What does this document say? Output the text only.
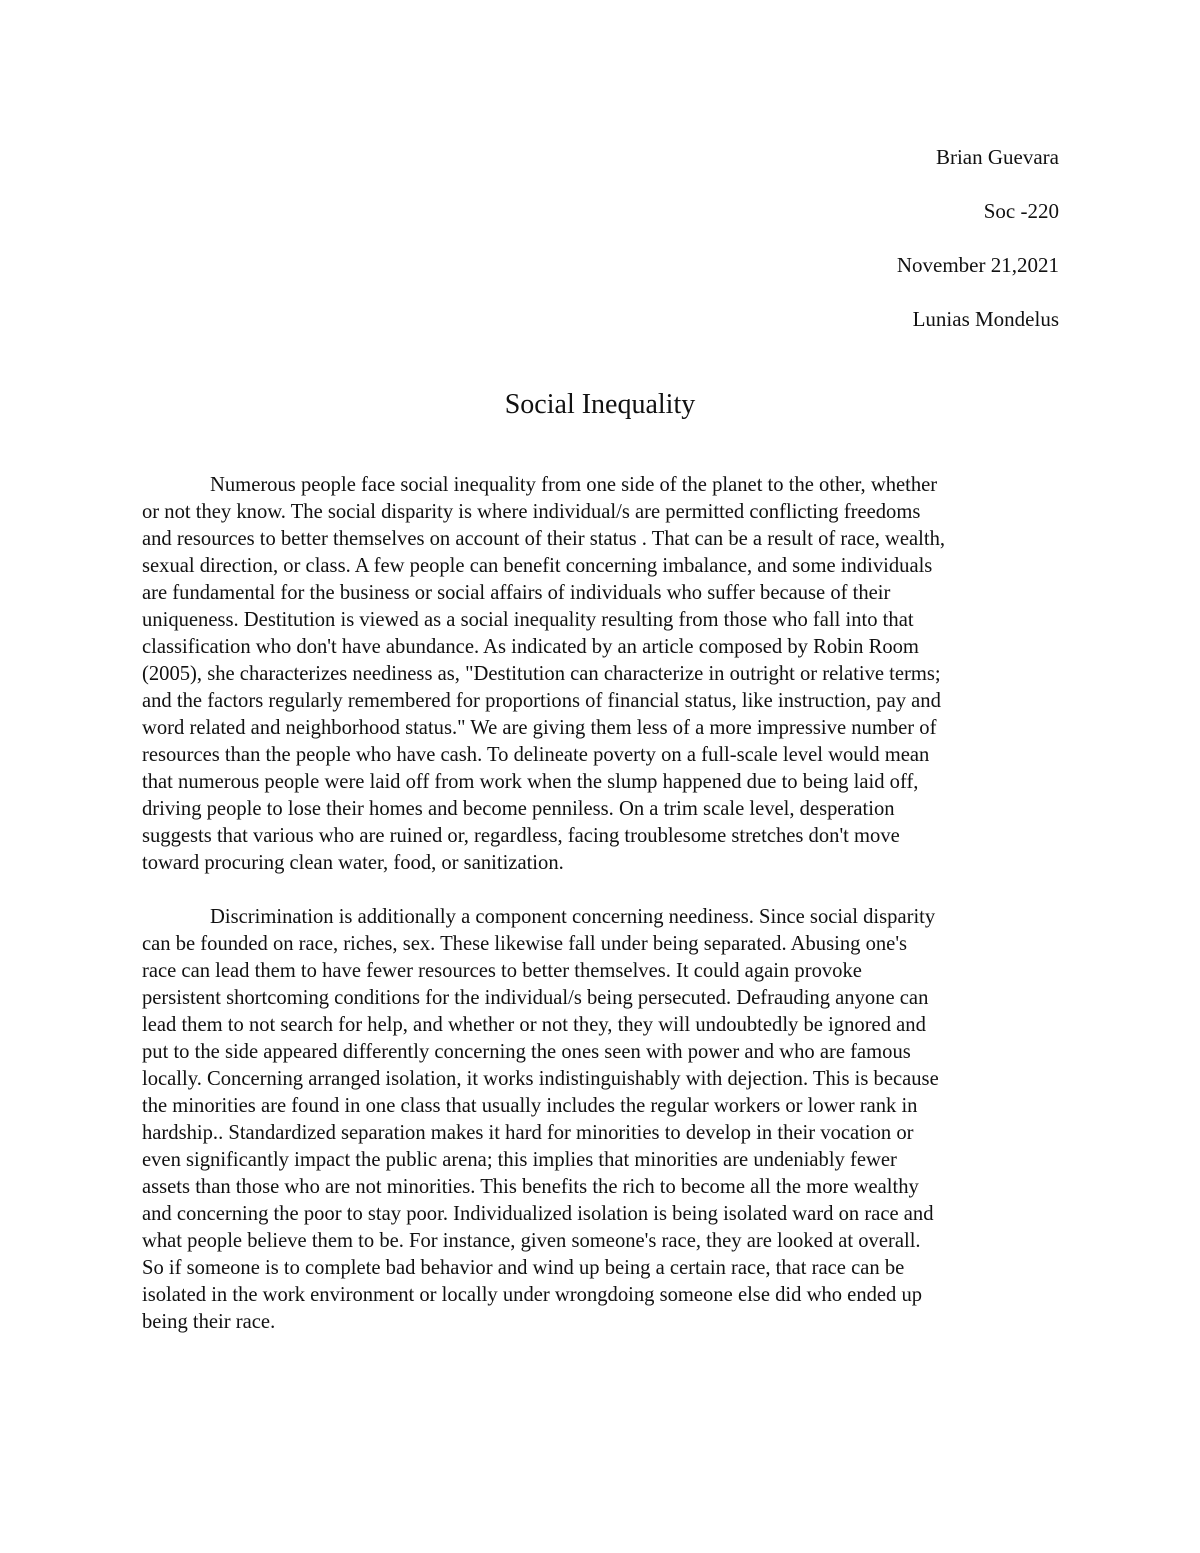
Brian Guevara
Soc -220
November 21,2021
Lunias Mondelus
Social Inequality
Numerous people face social inequality from one side of the planet to the other, whether
or not they know. The social disparity is where individual/s are permitted conflicting freedoms
and resources to better themselves on account of their status . That can be a result of race, wealth,
sexual direction, or class. A few people can benefit concerning imbalance, and some individuals
are fundamental for the business or social affairs of individuals who suffer because of their
uniqueness. Destitution is viewed as a social inequality resulting from those who fall into that
classification who don't have abundance. As indicated by an article composed by Robin Room
(2005), she characterizes neediness as, "Destitution can characterize in outright or relative terms;
and the factors regularly remembered for proportions of financial status, like instruction, pay and
word related and neighborhood status." We are giving them less of a more impressive number of
resources than the people who have cash. To delineate poverty on a full-scale level would mean
that numerous people were laid off from work when the slump happened due to being laid off,
driving people to lose their homes and become penniless. On a trim scale level, desperation
suggests that various who are ruined or, regardless, facing troublesome stretches don't move
toward procuring clean water, food, or sanitization.
Discrimination is additionally a component concerning neediness. Since social disparity
can be founded on race, riches, sex. These likewise fall under being separated. Abusing one's
race can lead them to have fewer resources to better themselves. It could again provoke
persistent shortcoming conditions for the individual/s being persecuted. Defrauding anyone can
lead them to not search for help, and whether or not they, they will undoubtedly be ignored and
put to the side appeared differently concerning the ones seen with power and who are famous
locally. Concerning arranged isolation, it works indistinguishably with dejection. This is because
the minorities are found in one class that usually includes the regular workers or lower rank in
hardship.. Standardized separation makes it hard for minorities to develop in their vocation or
even significantly impact the public arena; this implies that minorities are undeniably fewer
assets than those who are not minorities. This benefits the rich to become all the more wealthy
and concerning the poor to stay poor. Individualized isolation is being isolated ward on race and
what people believe them to be. For instance, given someone's race, they are looked at overall.
So if someone is to complete bad behavior and wind up being a certain race, that race can be
isolated in the work environment or locally under wrongdoing someone else did who ended up
being their race.
